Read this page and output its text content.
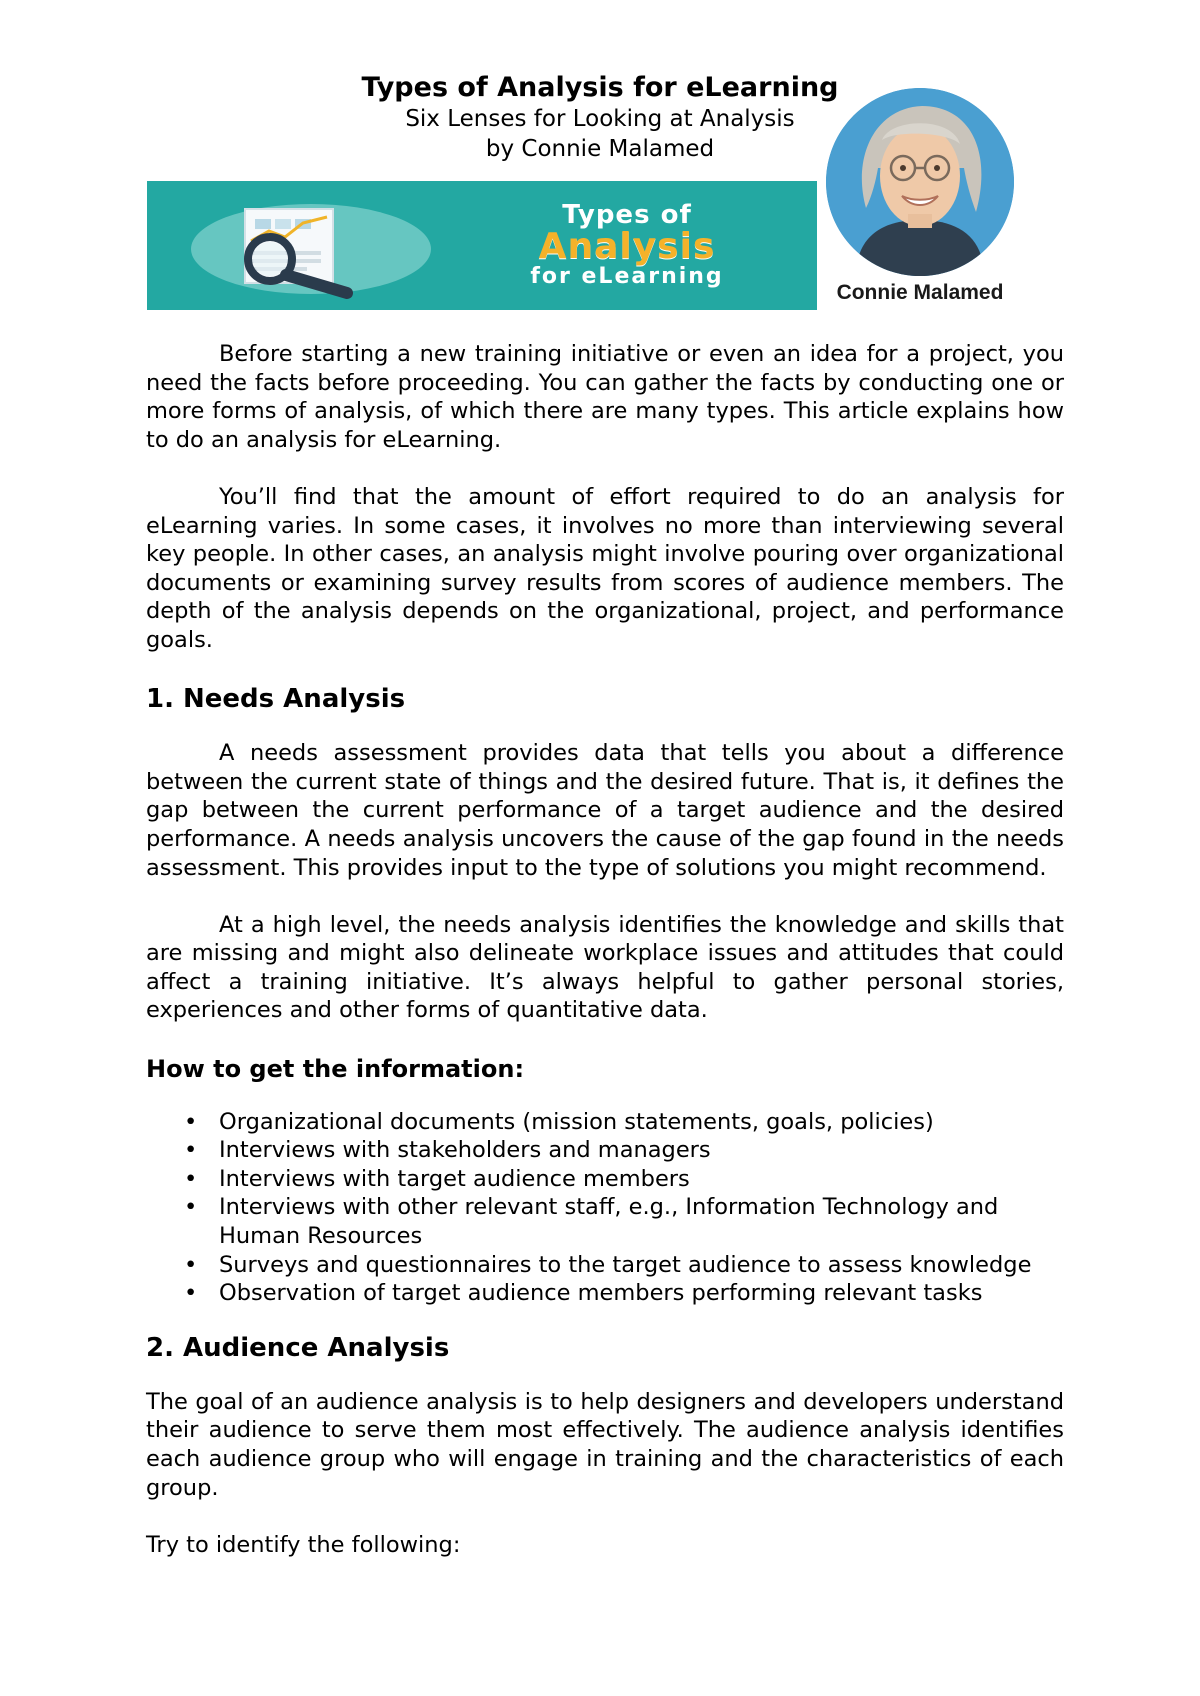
Types of Analysis for eLearning
Six Lenses for Looking at Analysis
by Connie Malamed
Types of
Analysis
for eLearning
Connie Malamed

Before starting a new training initiative or even an idea for a project, you need the facts before proceeding. You can gather the facts by conducting one or more forms of analysis, of which there are many types. This article explains how to do an analysis for eLearning.

You’ll find that the amount of effort required to do an analysis for eLearning varies. In some cases, it involves no more than interviewing several key people. In other cases, an analysis might involve pouring over organizational documents or examining survey results from scores of audience members. The depth of the analysis depends on the organizational, project, and performance goals.

1. Needs Analysis

A needs assessment provides data that tells you about a difference between the current state of things and the desired future. That is, it defines the gap between the current performance of a target audience and the desired performance. A needs analysis uncovers the cause of the gap found in the needs assessment. This provides input to the type of solutions you might recommend.

At a high level, the needs analysis identifies the knowledge and skills that are missing and might also delineate workplace issues and attitudes that could affect a training initiative. It’s always helpful to gather personal stories, experiences and other forms of quantitative data.

How to get the information:
• Organizational documents (mission statements, goals, policies)
• Interviews with stakeholders and managers
• Interviews with target audience members
• Interviews with other relevant staff, e.g., Information Technology and Human Resources
• Surveys and questionnaires to the target audience to assess knowledge
• Observation of target audience members performing relevant tasks
2. Audience Analysis

The goal of an audience analysis is to help designers and developers understand their audience to serve them most effectively. The audience analysis identifies each audience group who will engage in training and the characteristics of each group.

Try to identify the following:
